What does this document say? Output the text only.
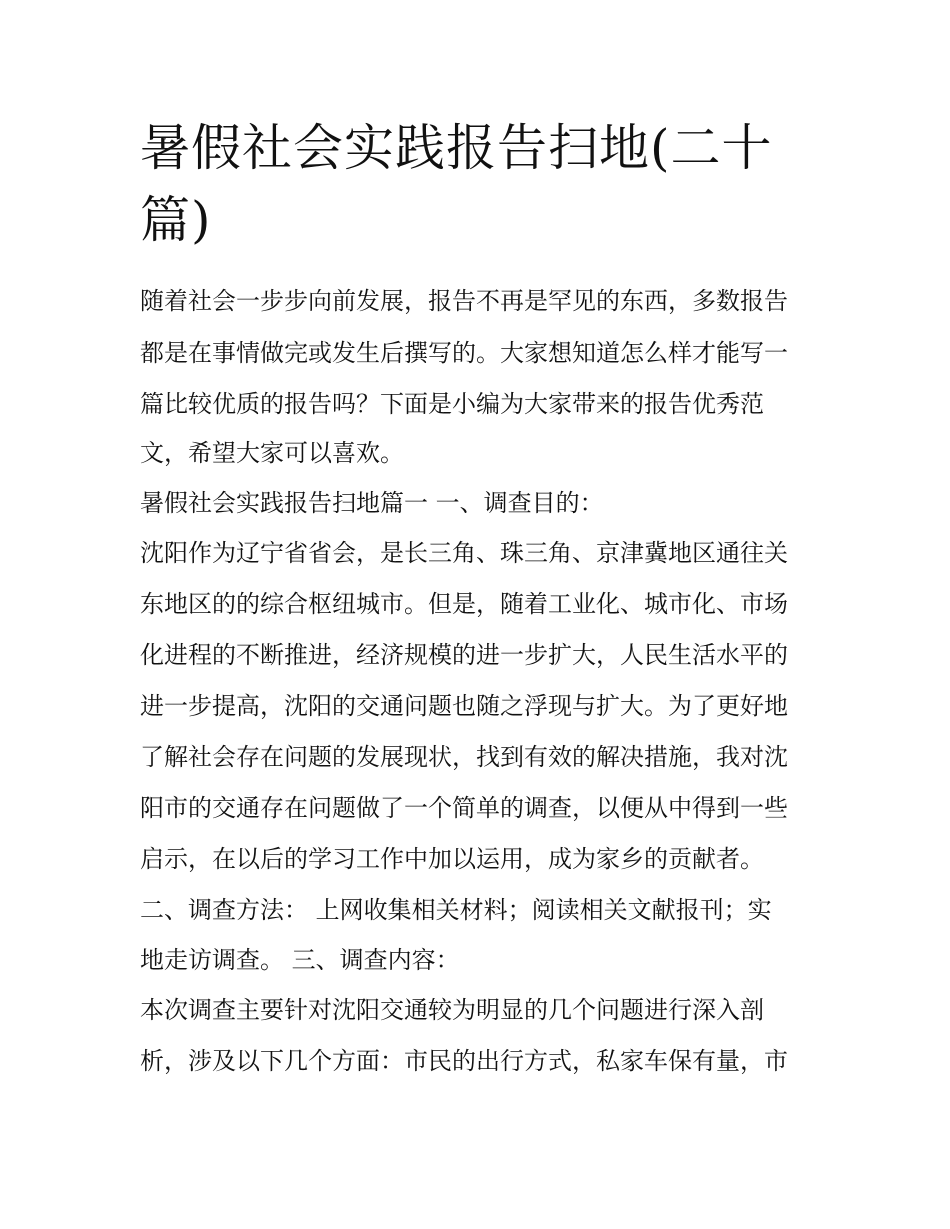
暑假社会实践报告扫地(二十
篇)

随着社会一步步向前发展，报告不再是罕见的东西，多数报告

都是在事情做完或发生后撰写的。大家想知道怎么样才能写一

篇比较优质的报告吗？下面是小编为大家带来的报告优秀范

文，希望大家可以喜欢。

暑假社会实践报告扫地篇一 一、调查目的：

沈阳作为辽宁省省会，是长三角、珠三角、京津冀地区通往关

东地区的的综合枢纽城市。但是，随着工业化、城市化、市场

化进程的不断推进，经济规模的进一步扩大，人民生活水平的

进一步提高，沈阳的交通问题也随之浮现与扩大。为了更好地

了解社会存在问题的发展现状，找到有效的解决措施，我对沈

阳市的交通存在问题做了一个简单的调查，以便从中得到一些

启示，在以后的学习工作中加以运用，成为家乡的贡献者。

二、调查方法： 上网收集相关材料；阅读相关文献报刊；实

地走访调查。 三、调查内容：

本次调查主要针对沈阳交通较为明显的几个问题进行深入剖

析，涉及以下几个方面：市民的出行方式，私家车保有量，市
